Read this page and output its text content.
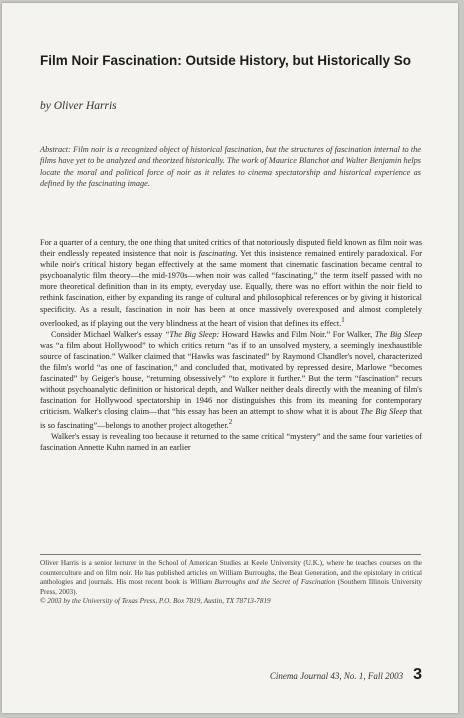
Film Noir Fascination: Outside History, but Historically So
by Oliver Harris
Abstract: Film noir is a recognized object of historical fascination, but the structures of fascination internal to the films have yet to be analyzed and theorized historically. The work of Maurice Blanchot and Walter Benjamin helps locate the moral and political force of noir as it relates to cinema spectatorship and historical experience as defined by the fascinating image.

For a quarter of a century, the one thing that united critics of that notoriously disputed field known as film noir was their endlessly repeated insistence that noir is fascinating. Yet this insistence remained entirely paradoxical. For while noir's critical history began effectively at the same moment that cinematic fascination became central to psychoanalytic film theory—the mid-1970s—when noir was called “fascinating,” the term itself passed with no more theoretical definition than in its empty, everyday use. Equally, there was no effort within the noir field to rethink fascination, either by expanding its range of cultural and philosophical references or by giving it historical specificity. As a result, fascination in noir has been at once massively overexposed and almost completely overlooked, as if playing out the very blindness at the heart of vision that defines its effect.$^1$

Consider Michael Walker's essay “The Big Sleep: Howard Hawks and Film Noir.” For Walker, The Big Sleep was “a film about Hollywood” to which critics return “as if to an unsolved mystery, a seemingly inexhaustible source of fascination.” Walker claimed that “Hawks was fascinated” by Raymond Chandler's novel, characterized the film's world “as one of fascination,” and concluded that, motivated by repressed desire, Marlowe “becomes fascinated” by Geiger's house, “returning obsessively” “to explore it further.” But the term “fascination” recurs without psychoanalytic definition or historical depth, and Walker neither deals directly with the meaning of film's fascination for Hollywood spectatorship in 1946 nor distinguishes this from its meaning for contemporary criticism. Walker's closing claim—that “his essay has been an attempt to show what it is about The Big Sleep that is so fascinating”—belongs to another project altogether.$^2$

Walker's essay is revealing too because it returned to the same critical “mystery” and the same four varieties of fascination Annette Kuhn named in an earlier

Oliver Harris is a senior lecturer in the School of American Studies at Keele University (U.K.), where he teaches courses on the counterculture and on film noir. He has published articles on William Burroughs, the Beat Generation, and the epistolary in critical anthologies and journals. His most recent book is William Burroughs and the Secret of Fascination (Southern Illinois University Press, 2003).

© 2003 by the University of Texas Press, P.O. Box 7819, Austin, TX 78713-7819

Cinema Journal 43, No. 1, Fall 2003 3
